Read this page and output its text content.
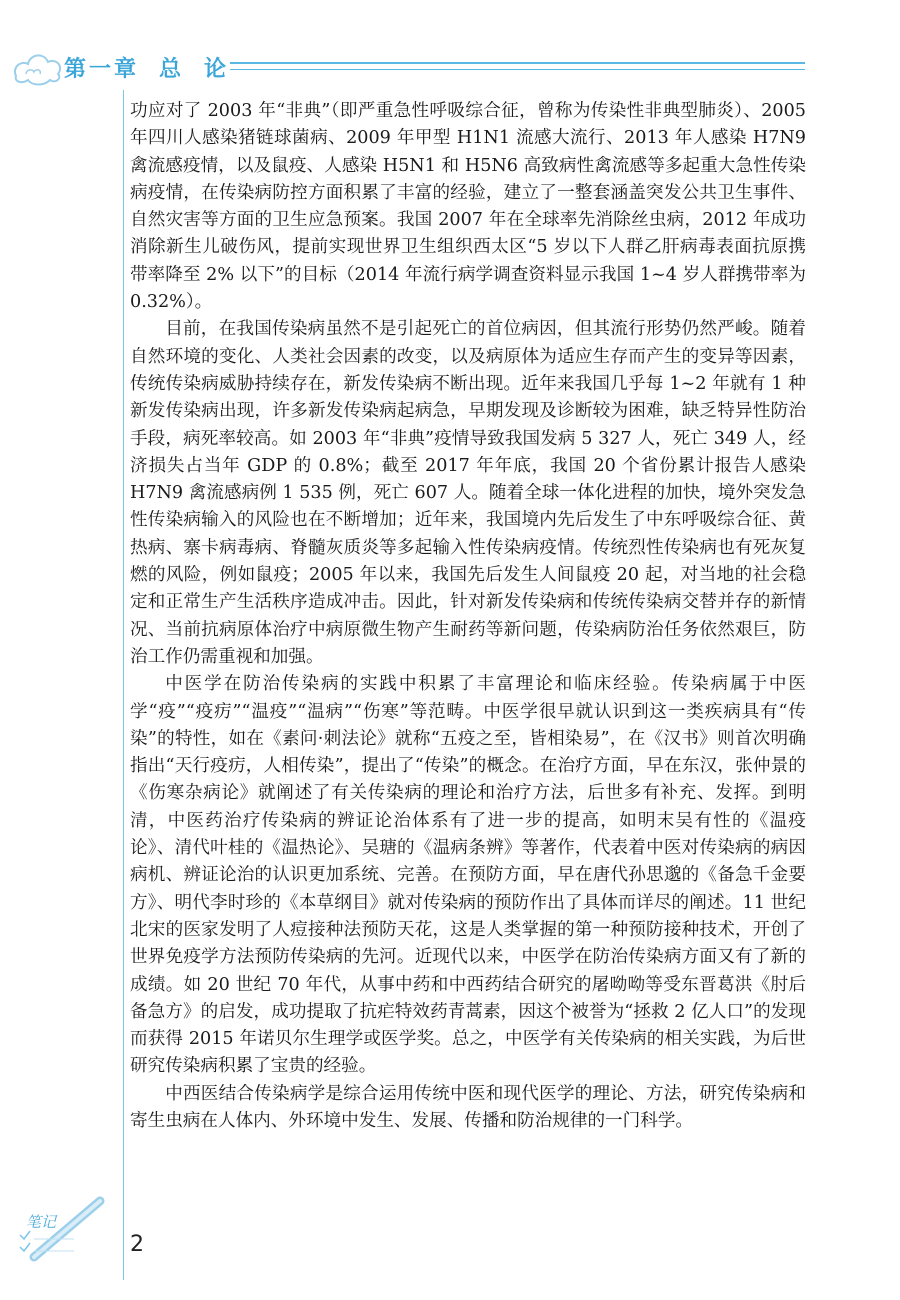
第一章 总 论

功应对了 2003 年“非典”（即严重急性呼吸综合征，曾称为传染性非典型肺炎）、2005 年四川人感染猪链球菌病、2009 年甲型 H1N1 流感大流行、2013 年人感染 H7N9 禽流感疫情，以及鼠疫、人感染 H5N1 和 H5N6 高致病性禽流感等多起重大急性传染病疫情，在传染病防控方面积累了丰富的经验，建立了一整套涵盖突发公共卫生事件、自然灾害等方面的卫生应急预案。我国 2007 年在全球率先消除丝虫病，2012 年成功消除新生儿破伤风，提前实现世界卫生组织西太区“5 岁以下人群乙肝病毒表面抗原携带率降至 2% 以下”的目标（2014 年流行病学调查资料显示我国 1~4 岁人群携带率为 0.32%）。

目前，在我国传染病虽然不是引起死亡的首位病因，但其流行形势仍然严峻。随着自然环境的变化、人类社会因素的改变，以及病原体为适应生存而产生的变异等因素，传统传染病威胁持续存在，新发传染病不断出现。近年来我国几乎每 1~2 年就有 1 种新发传染病出现，许多新发传染病起病急，早期发现及诊断较为困难，缺乏特异性防治手段，病死率较高。如 2003 年“非典”疫情导致我国发病 5 327 人，死亡 349 人，经济损失占当年 GDP 的 0.8%；截至 2017 年年底，我国 20 个省份累计报告人感染 H7N9 禽流感病例 1 535 例，死亡 607 人。随着全球一体化进程的加快，境外突发急性传染病输入的风险也在不断增加；近年来，我国境内先后发生了中东呼吸综合征、黄热病、寨卡病毒病、脊髓灰质炎等多起输入性传染病疫情。传统烈性传染病也有死灰复燃的风险，例如鼠疫；2005 年以来，我国先后发生人间鼠疫 20 起，对当地的社会稳定和正常生产生活秩序造成冲击。因此，针对新发传染病和传统传染病交替并存的新情况、当前抗病原体治疗中病原微生物产生耐药等新问题，传染病防治任务依然艰巨，防治工作仍需重视和加强。

中医学在防治传染病的实践中积累了丰富理论和临床经验。传染病属于中医学“疫”“疫疠”“温疫”“温病”“伤寒”等范畴。中医学很早就认识到这一类疾病具有“传染”的特性，如在《素问·刺法论》就称“五疫之至，皆相染易”，在《汉书》则首次明确指出“天行疫疠，人相传染”，提出了“传染”的概念。在治疗方面，早在东汉，张仲景的《伤寒杂病论》就阐述了有关传染病的理论和治疗方法，后世多有补充、发挥。到明清，中医药治疗传染病的辨证论治体系有了进一步的提高，如明末吴有性的《温疫论》、清代叶桂的《温热论》、吴瑭的《温病条辨》等著作，代表着中医对传染病的病因病机、辨证论治的认识更加系统、完善。在预防方面，早在唐代孙思邈的《备急千金要方》、明代李时珍的《本草纲目》就对传染病的预防作出了具体而详尽的阐述。11 世纪北宋的医家发明了人痘接种法预防天花，这是人类掌握的第一种预防接种技术，开创了世界免疫学方法预防传染病的先河。近现代以来，中医学在防治传染病方面又有了新的成绩。如 20 世纪 70 年代，从事中药和中西药结合研究的屠呦呦等受东晋葛洪《肘后备急方》的启发，成功提取了抗疟特效药青蒿素，因这个被誉为“拯救 2 亿人口”的发现而获得 2015 年诺贝尔生理学或医学奖。总之，中医学有关传染病的相关实践，为后世研究传染病积累了宝贵的经验。

中西医结合传染病学是综合运用传统中医和现代医学的理论、方法，研究传染病和寄生虫病在人体内、外环境中发生、发展、传播和防治规律的一门科学。

笔记
2
